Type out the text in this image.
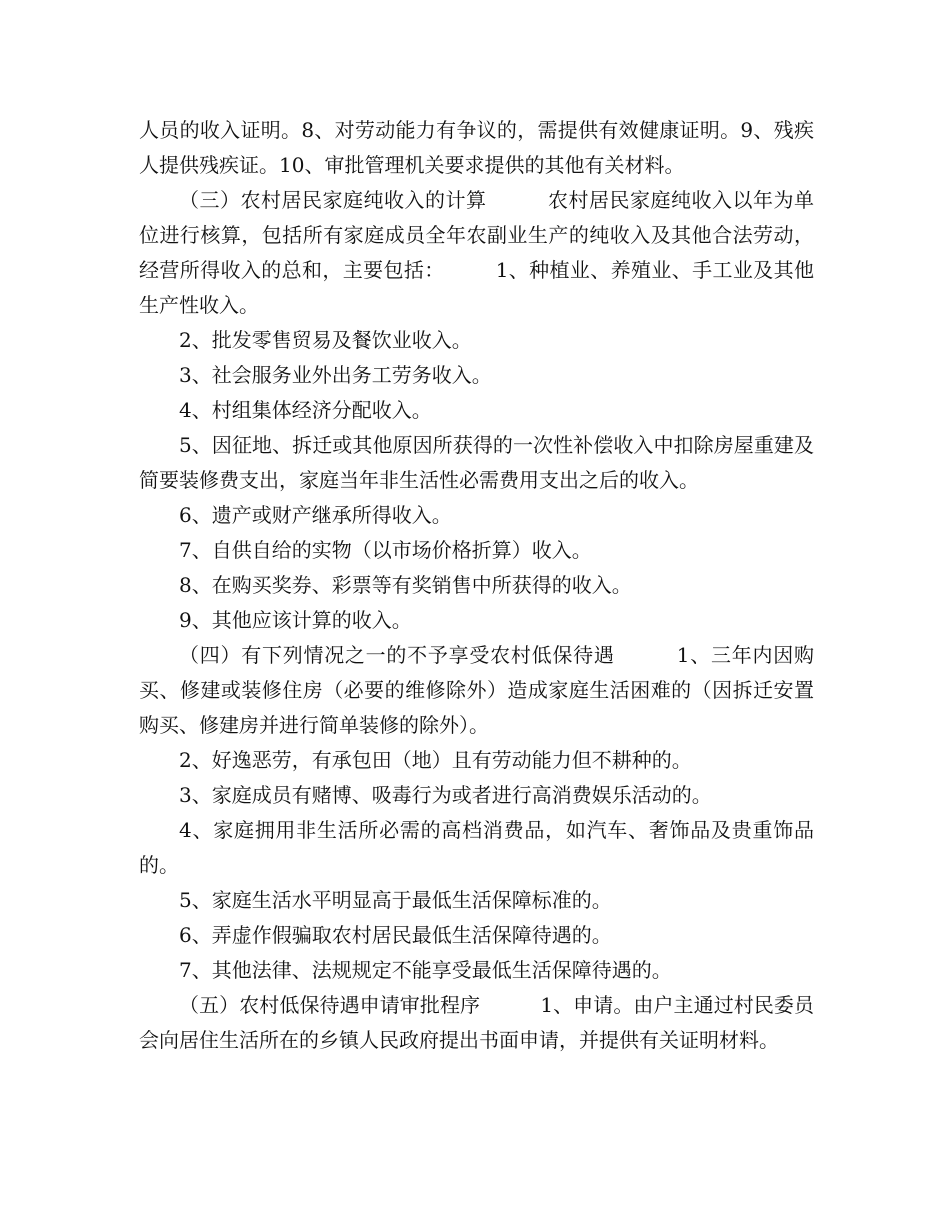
人员的收入证明。8、对劳动能力有争议的，需提供有效健康证明。9、残疾人提供残疾证。10、审批管理机关要求提供的其他有关材料。

（三）农村居民家庭纯收入的计算　　　农村居民家庭纯收入以年为单位进行核算，包括所有家庭成员全年农副业生产的纯收入及其他合法劳动，经营所得收入的总和，主要包括：　　　1、种植业、养殖业、手工业及其他生产性收入。

2、批发零售贸易及餐饮业收入。

3、社会服务业外出务工劳务收入。

4、村组集体经济分配收入。

5、因征地、拆迁或其他原因所获得的一次性补偿收入中扣除房屋重建及简要装修费支出，家庭当年非生活性必需费用支出之后的收入。

6、遗产或财产继承所得收入。

7、自供自给的实物（以市场价格折算）收入。

8、在购买奖券、彩票等有奖销售中所获得的收入。

9、其他应该计算的收入。

（四）有下列情况之一的不予享受农村低保待遇　　　1、三年内因购买、修建或装修住房（必要的维修除外）造成家庭生活困难的（因拆迁安置购买、修建房并进行简单装修的除外）。

2、好逸恶劳，有承包田（地）且有劳动能力但不耕种的。

3、家庭成员有赌博、吸毒行为或者进行高消费娱乐活动的。

4、家庭拥用非生活所必需的高档消费品，如汽车、奢饰品及贵重饰品的。

5、家庭生活水平明显高于最低生活保障标准的。

6、弄虚作假骗取农村居民最低生活保障待遇的。

7、其他法律、法规规定不能享受最低生活保障待遇的。

（五）农村低保待遇申请审批程序　　　1、申请。由户主通过村民委员会向居住生活所在的乡镇人民政府提出书面申请，并提供有关证明材料。
